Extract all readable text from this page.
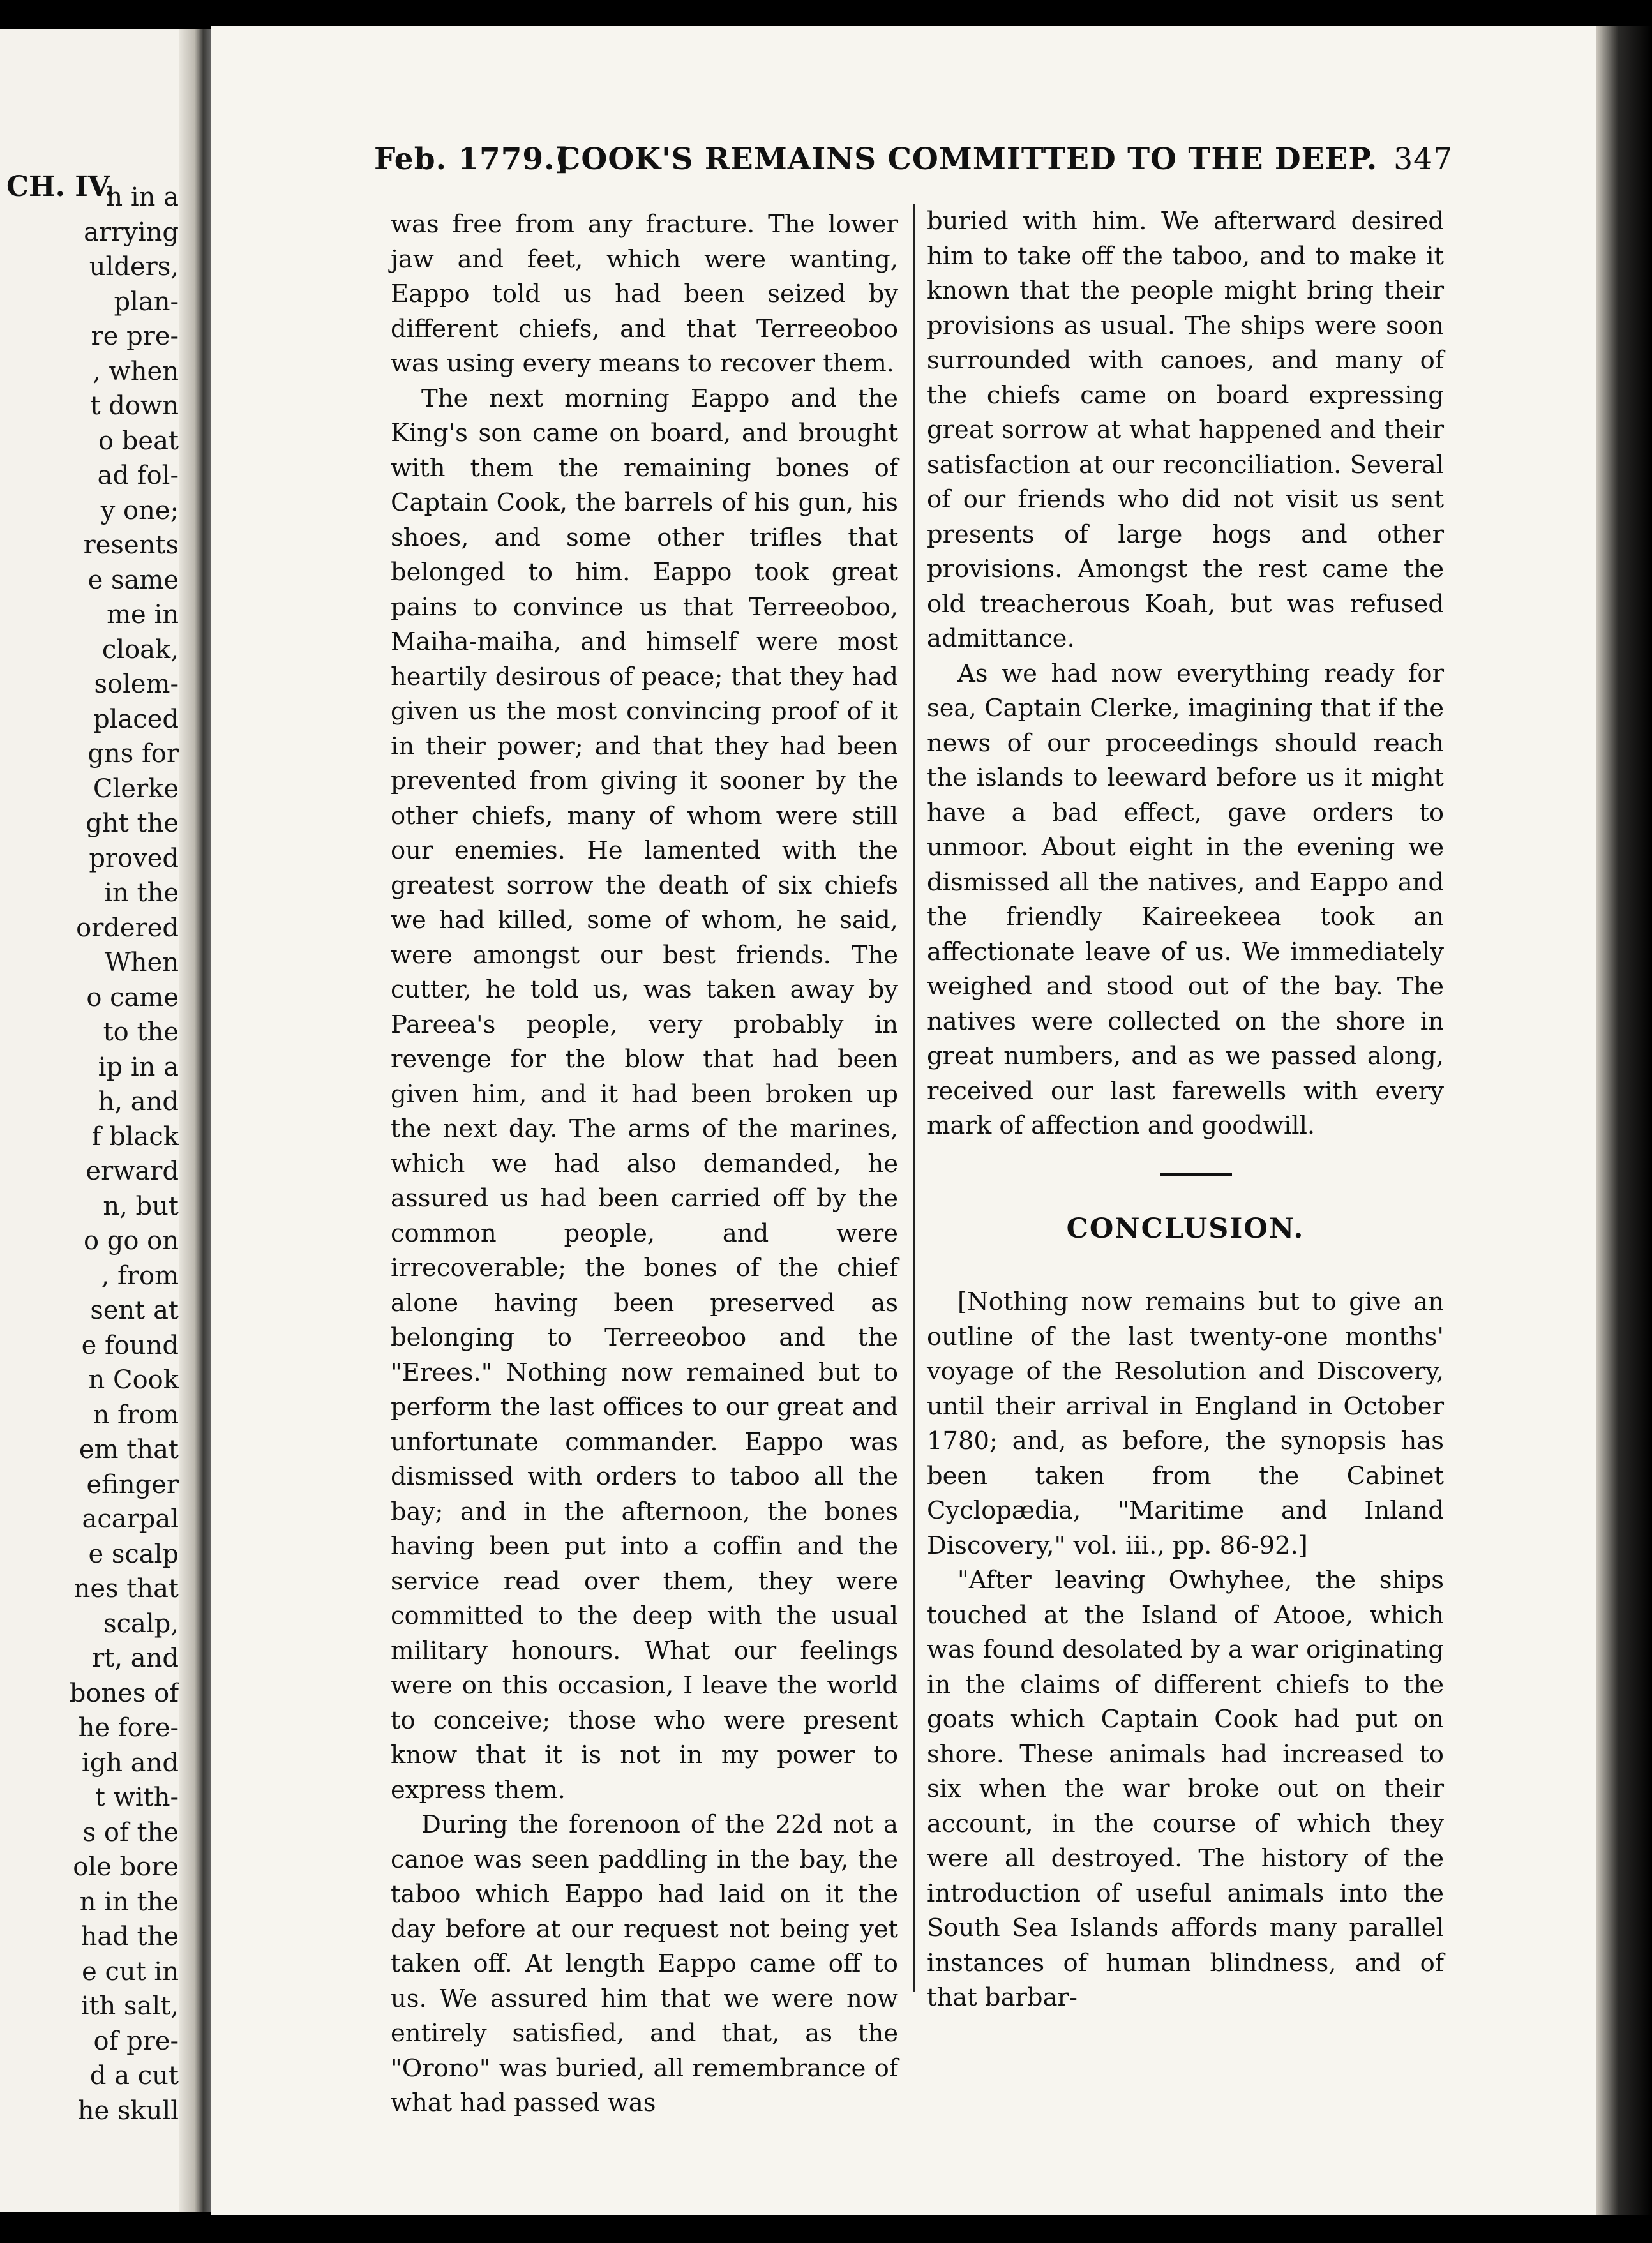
CH. IV.
h in a
arrying
ulders,
plan-
re pre-
, when
t down
o beat
ad fol-
y one;
resents
e same
me in
cloak,
solem-
placed
gns for
Clerke
ght the
proved
in the
ordered
When
o came
to the
ip in a
h, and
f black
erward
n, but
o go on
, from
sent at
e found
n Cook
n from
em that
efinger
acarpal
e scalp
nes that
scalp,
rt, and
bones of
he fore-
igh and
t with-
s of the
ole bore
n in the
had the
e cut in
ith salt,
of pre-
d a cut
he skull
Feb. 1779.]
COOK'S REMAINS COMMITTED TO THE DEEP. 347

was free from any fracture. The lower jaw and feet, which were wanting, Eappo told us had been seized by different chiefs, and that Terreeoboo was using every means to recover them.

The next morning Eappo and the King's son came on board, and brought with them the remaining bones of Captain Cook, the barrels of his gun, his shoes, and some other trifles that belonged to him. Eappo took great pains to convince us that Terreeoboo, Maiha-maiha, and himself were most heartily desirous of peace; that they had given us the most convincing proof of it in their power; and that they had been prevented from giving it sooner by the other chiefs, many of whom were still our enemies. He lamented with the greatest sorrow the death of six chiefs we had killed, some of whom, he said, were amongst our best friends. The cutter, he told us, was taken away by Pareea's people, very probably in revenge for the blow that had been given him, and it had been broken up the next day. The arms of the marines, which we had also demanded, he assured us had been carried off by the common people, and were irrecoverable; the bones of the chief alone having been preserved as belonging to Terreeoboo and the "Erees." Nothing now remained but to perform the last offices to our great and unfortunate commander. Eappo was dismissed with orders to taboo all the bay; and in the afternoon, the bones having been put into a coffin and the service read over them, they were committed to the deep with the usual military honours. What our feelings were on this occasion, I leave the world to conceive; those who were present know that it is not in my power to express them.

During the forenoon of the 22d not a canoe was seen paddling in the bay, the taboo which Eappo had laid on it the day before at our request not being yet taken off. At length Eappo came off to us. We assured him that we were now entirely satisfied, and that, as the "Orono" was buried, all remembrance of what had passed was

buried with him. We afterward desired him to take off the taboo, and to make it known that the people might bring their provisions as usual. The ships were soon surrounded with canoes, and many of the chiefs came on board expressing great sorrow at what happened and their satisfaction at our reconciliation. Several of our friends who did not visit us sent presents of large hogs and other provisions. Amongst the rest came the old treacherous Koah, but was refused admittance.

As we had now everything ready for sea, Captain Clerke, imagining that if the news of our proceedings should reach the islands to leeward before us it might have a bad effect, gave orders to unmoor. About eight in the evening we dismissed all the natives, and Eappo and the friendly Kaireekeea took an affectionate leave of us. We immediately weighed and stood out of the bay. The natives were collected on the shore in great numbers, and as we passed along, received our last farewells with every mark of affection and goodwill.

CONCLUSION.

[Nothing now remains but to give an outline of the last twenty-one months' voyage of the Resolution and Discovery, until their arrival in England in October 1780; and, as before, the synopsis has been taken from the Cabinet Cyclopædia, "Maritime and Inland Discovery," vol. iii., pp. 86-92.]

"After leaving Owhyhee, the ships touched at the Island of Atooe, which was found desolated by a war originating in the claims of different chiefs to the goats which Captain Cook had put on shore. These animals had increased to six when the war broke out on their account, in the course of which they were all destroyed. The history of the introduction of useful animals into the South Sea Islands affords many parallel instances of human blindness, and of that barbar-
